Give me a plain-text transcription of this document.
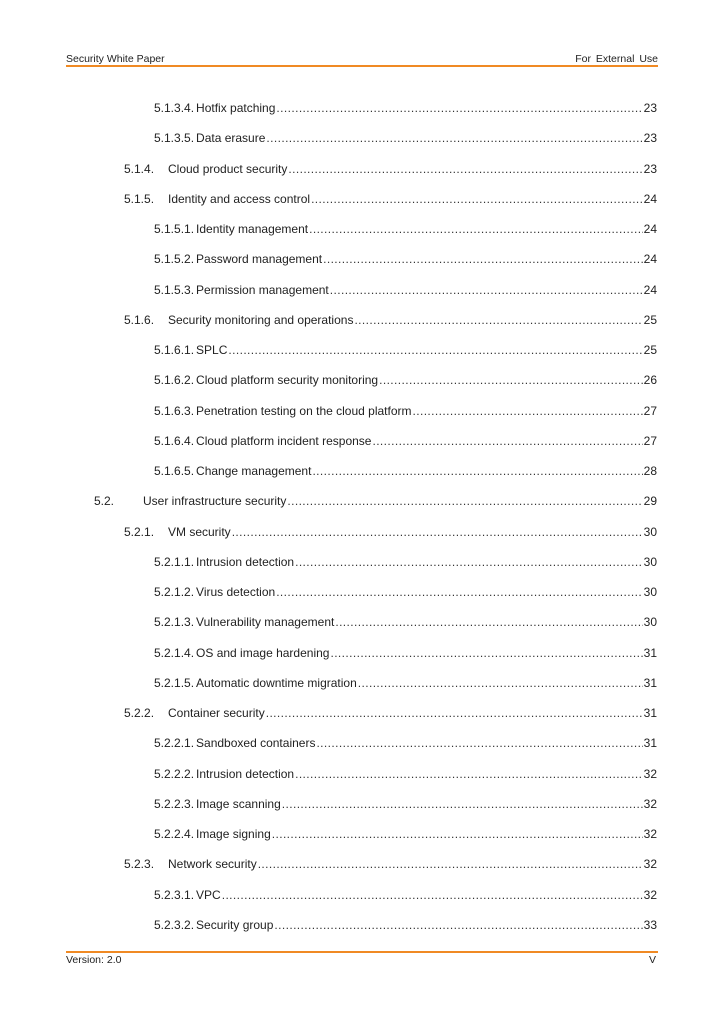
Security White Paper	For External Use
5.1.3.4. Hotfix patching .....	23
5.1.3.5. Data erasure .....	23
5.1.4.	Cloud product security .....	23
5.1.5.	Identity and access control .....	24
5.1.5.1. Identity management .....	24
5.1.5.2. Password management .....	24
5.1.5.3. Permission management .....	24
5.1.6.	Security monitoring and operations .....	25
5.1.6.1. SPLC .....	25
5.1.6.2. Cloud platform security monitoring .....	26
5.1.6.3. Penetration testing on the cloud platform .....	27
5.1.6.4. Cloud platform incident response .....	27
5.1.6.5. Change management .....	28
5.2.	User infrastructure security .....	29
5.2.1.	VM security .....	30
5.2.1.1. Intrusion detection .....	30
5.2.1.2. Virus detection .....	30
5.2.1.3. Vulnerability management .....	30
5.2.1.4. OS and image hardening .....	31
5.2.1.5. Automatic downtime migration .....	31
5.2.2.	Container security .....	31
5.2.2.1. Sandboxed containers .....	31
5.2.2.2. Intrusion detection .....	32
5.2.2.3. Image scanning .....	32
5.2.2.4. Image signing .....	32
5.2.3.	Network security .....	32
5.2.3.1. VPC .....	32
5.2.3.2. Security group .....	33
Version: 2.0	V
